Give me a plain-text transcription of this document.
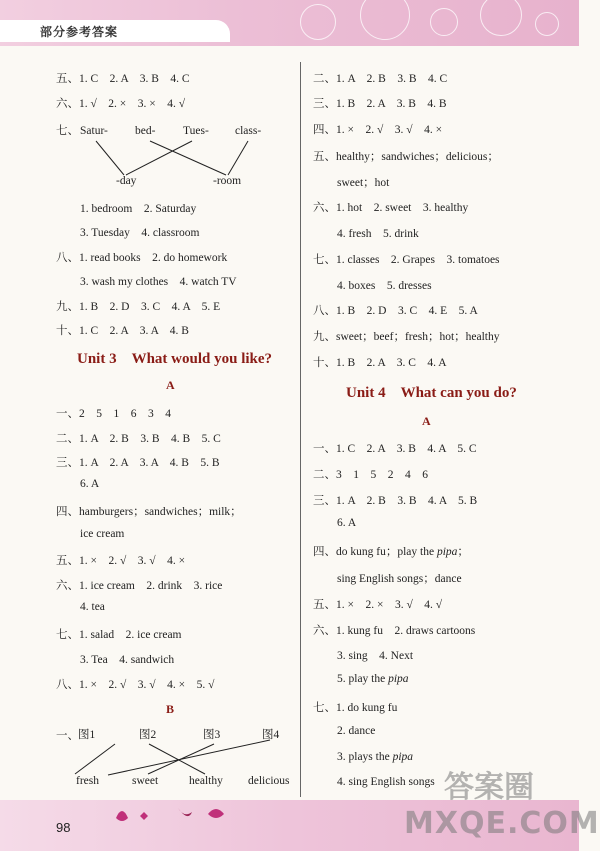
部分参考答案
五、1. C　2. A　3. B　4. C
六、1. √　2. ×　3. ×　4. √
七、 Satur- bed- Tues- class-
-day	-room
1. bedroom　2. Saturday
3. Tuesday　4. classroom
八、1. read books　2. do homework
3. wash my clothes　4. watch TV
九、1. B　2. D　3. C　4. A　5. E
十、1. C　2. A　3. A　4. B
Unit 3　What would you like?
A
一、2　5　1　6　3　4
二、1. A　2. B　3. B　4. B　5. C
三、1. A　2. A　3. A　4. B　5. B
6. A
四、hamburgers；sandwiches；milk；
ice cream
五、1. ×　2. √　3. √　4. ×
六、1. ice cream　2. drink　3. rice
4. tea
七、1. salad　2. ice cream
3. Tea　4. sandwich
八、1. ×　2. √　3. √　4. ×　5. √
B
一、 图1	图2	图3	图4
fresh	sweet	healthy delicious
二、1. A　2. B　3. B　4. C
三、1. B　2. A　3. B　4. B
四、1. ×　2. √　3. √　4. ×
五、healthy；sandwiches；delicious；
sweet；hot
六、1. hot　2. sweet　3. healthy
4. fresh　5. drink
七、1. classes　2. Grapes　3. tomatoes
4. boxes　5. dresses
八、1. B　2. D　3. C　4. E　5. A
九、sweet；beef；fresh；hot；healthy
十、1. B　2. A　3. C　4. A
Unit 4　What can you do?
A
一、1. C　2. A　3. B　4. A　5. C
二、3　1　5　2　4　6
三、1. A　2. B　3. B　4. A　5. B
6. A
四、do kung fu；play the pipa；
sing English songs；dance
五、1. ×　2. ×　3. √　4. √
六、1. kung fu　2. draws cartoons
3. sing　4. Next
5. play the pipa
七、1. do kung fu
2. dance
3. plays the pipa
4. sing English songs
98
答案圈
MXQE.COM
